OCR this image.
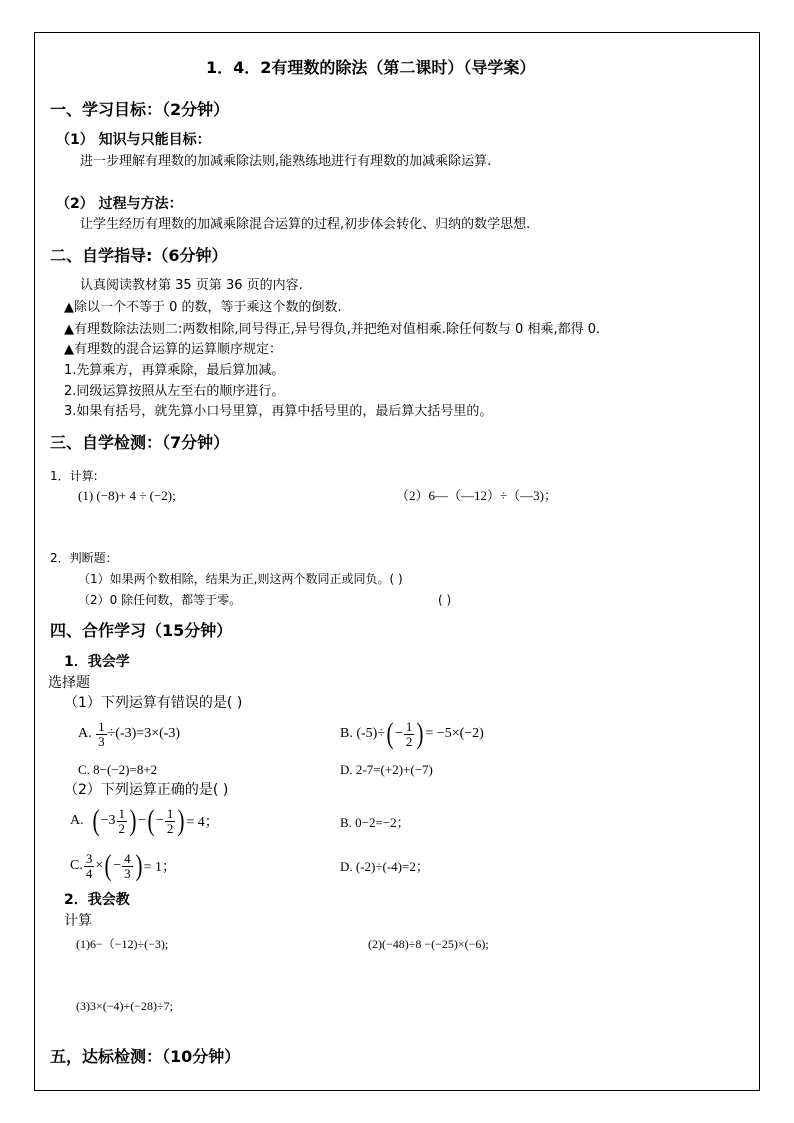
1．4．2有理数的除法（第二课时）（导学案）
一、学习目标：（2分钟）
（1） 知识与只能目标：
进一步理解有理数的加减乘除法则,能熟练地进行有理数的加减乘除运算.
（2） 过程与方法：
让学生经历有理数的加减乘除混合运算的过程,初步体会转化、归纳的数学思想.
二、自学指导:（6分钟）
认真阅读教材第 35 页第 36 页的内容.
▲除以一个不等于 0 的数，等于乘这个数的倒数.
▲有理数除法法则二:两数相除,同号得正,异号得负,并把绝对值相乘.除任何数与 0 相乘,都得 0.
▲有理数的混合运算的运算顺序规定：
1.先算乘方，再算乘除，最后算加减。
2.同级运算按照从左至右的顺序进行。
3.如果有括号，就先算小口号里算，再算中括号里的，最后算大括号里的。
三、自学检测：（7分钟）
1．计算:
(1) (−8)+ 4 ÷ (−2);	（2）6—（—12）÷（—3)；
2．判断题：
（1）如果两个数相除，结果为正,则这两个数同正或同负。( )
（2）0 除任何数，都等于零。	( )
四、合作学习（15分钟）
1．我会学
选择题
（1）下列运算有错误的是( )
A.
$\frac{1}{3} \div(-3)=3\times(-3)$	B. (-5)÷ ( − $\frac{1}{2}$ ) = −5×(−2)
C. 8−(−2)=8+2	D. 2-7=(+2)+(−7)
（2）下列运算正确的是( )
A.
( $-3 \frac{1}{2}$ ) − ( − $\frac{1}{2}$ ) = 4；	B. 0−2=−2；
C. $\frac{3}{4}$ × ( − $\frac{4}{3}$ ) = 1；	D. (-2)÷(-4)=2；
2．我会教
计算
(1)6−（−12)÷(−3);	(2)(−48)÷8 −(−25)×(−6);
(3)3×(−4)+(−28)÷7;
五，达标检测：（10分钟）
